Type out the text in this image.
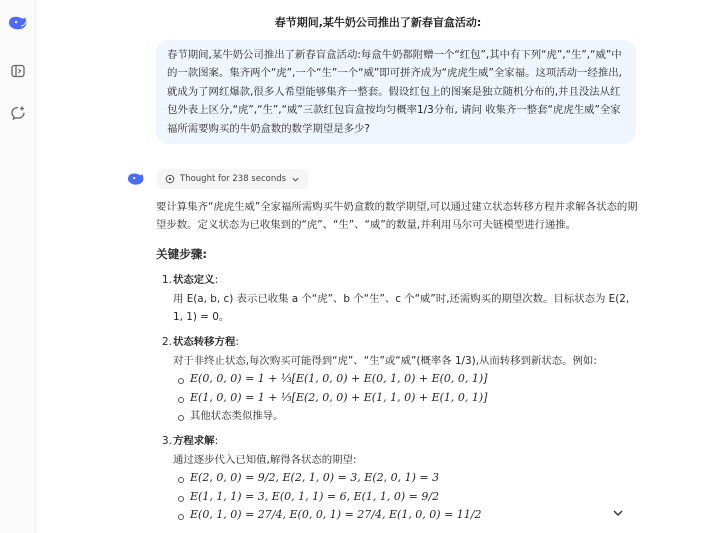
春节期间,某牛奶公司推出了新春盲盒活动:
春节期间,某牛奶公司推出了新春盲盒活动:每盒牛奶都附赠一个“红包”,其中有下列“虎”,“生”,“威”中的一款图案。集齐两个“虎”,一个“生”一个“威”即可拼齐成为“虎虎生威”全家福。这项活动一经推出,就成为了网红爆款,很多人希望能够集齐一整套。假设红包上的图案是独立随机分布的,并且没法从红包外表上区分,“虎”,“生”,“威”三款红包盲盒按均匀概率1/3分布, 请问 收集齐一整套“虎虎生威”全家福所需要购买的牛奶盒数的数学期望是多少?
Thought for 238 seconds

要计算集齐“虎虎生威”全家福所需购买牛奶盒数的数学期望,可以通过建立状态转移方程并求解各状态的期望步数。定义状态为已收集到的“虎”、“生”、“威”的数量,并利用马尔可夫链模型进行递推。

关键步骤:
1. 状态定义:
用 E(a, b, c) 表示已收集 a 个“虎”、b 个“生”、c 个“威”时,还需购买的期望次数。目标状态为 E(2, 1, 1) = 0。
2. 状态转移方程:
对于非终止状态,每次购买可能得到“虎”、“生”或“威”(概率各 1/3),从而转移到新状态。例如:
E(0, 0, 0) = 1 + ⅓[E(1, 0, 0) + E(0, 1, 0) + E(0, 0, 1)]
E(1, 0, 0) = 1 + ⅓[E(2, 0, 0) + E(1, 1, 0) + E(1, 0, 1)]
其他状态类似推导。
3. 方程求解:
通过逐步代入已知值,解得各状态的期望:
E(2, 0, 0) = 9/2, E(2, 1, 0) = 3, E(2, 0, 1) = 3
E(1, 1, 1) = 3, E(0, 1, 1) = 6, E(1, 1, 0) = 9/2
E(0, 1, 0) = 27/4, E(0, 0, 1) = 27/4, E(1, 0, 0) = 11/2
